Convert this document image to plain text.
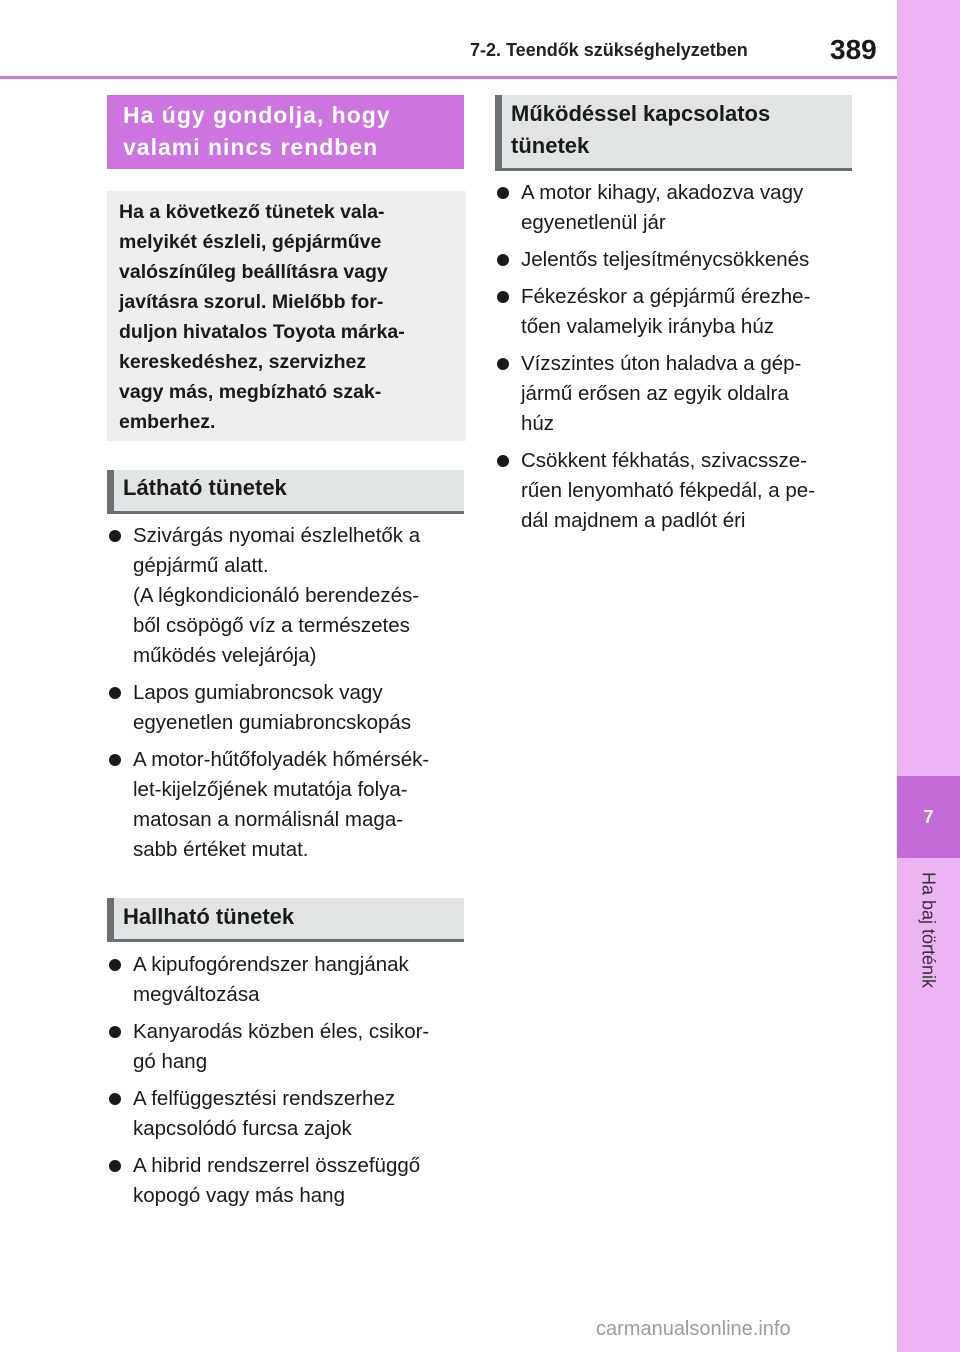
7-2. Teendők szükséghelyzetben	389
7
Ha baj történik
Ha úgy gondolja, hogy
valami nincs rendben
Ha a következő tünetek vala-
melyikét észleli, gépjárműve
valószínűleg beállításra vagy
javításra szorul. Mielőbb for-
duljon hivatalos Toyota márka-
kereskedéshez, szervizhez
vagy más, megbízható szak-
emberhez.
Látható tünetek
Szivárgás nyomai észlelhetők a
gépjármű alatt.
(A légkondicionáló berendezés-
ből csöpögő víz a természetes
működés velejárója)
Lapos gumiabroncsok vagy
egyenetlen gumiabroncskopás
A motor-hűtőfolyadék hőmérsék-
let-kijelzőjének mutatója folya-
matosan a normálisnál maga-
sabb értéket mutat.
Hallható tünetek
A kipufogórendszer hangjának
megváltozása
Kanyarodás közben éles, csikor-
gó hang
A felfüggesztési rendszerhez
kapcsolódó furcsa zajok
A hibrid rendszerrel összefüggő
kopogó vagy más hang
Működéssel kapcsolatos
tünetek
A motor kihagy, akadozva vagy
egyenetlenül jár
Jelentős teljesítménycsökkenés
Fékezéskor a gépjármű érezhe-
tően valamelyik irányba húz
Vízszintes úton haladva a gép-
jármű erősen az egyik oldalra
húz
Csökkent fékhatás, szivacssze-
rűen lenyomható fékpedál, a pe-
dál majdnem a padlót éri
carmanualsonline.info
